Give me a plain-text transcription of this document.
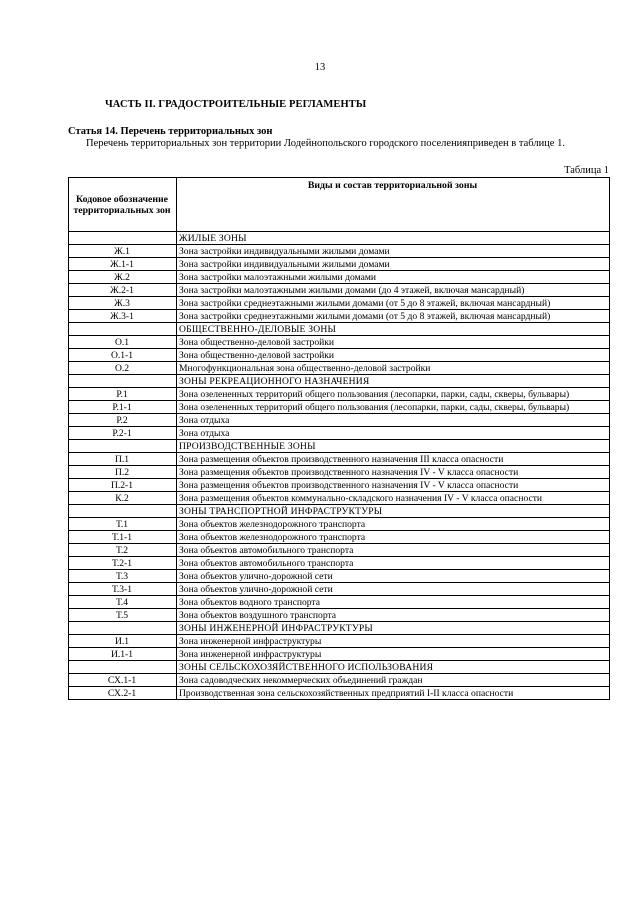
13
ЧАСТЬ II. ГРАДОСТРОИТЕЛЬНЫЕ РЕГЛАМЕНТЫ
Статья 14. Перечень территориальных зон
Перечень территориальных зон территории Лодейнопольского городского поселенияприведен в таблице 1.
Таблица 1
Кодовое обозначение территориальных зон	Виды и состав территориальной зоны
	ЖИЛЫЕ ЗОНЫ
Ж.1	Зона застройки индивидуальными жилыми домами
Ж.1-1	Зона застройки индивидуальными жилыми домами
Ж.2	Зона застройки малоэтажными жилыми домами
Ж.2-1	Зона застройки малоэтажными жилыми домами (до 4 этажей, включая мансардный)
Ж.3	Зона застройки среднеэтажными жилыми домами (от 5 до 8 этажей, включая мансардный)
Ж.3-1	Зона застройки среднеэтажными жилыми домами (от 5 до 8 этажей, включая мансардный)
	ОБЩЕСТВЕННО-ДЕЛОВЫЕ ЗОНЫ
О.1	Зона общественно-деловой застройки
О.1-1	Зона общественно-деловой застройки
О.2	Многофункциональная зона общественно-деловой застройки
	ЗОНЫ РЕКРЕАЦИОННОГО НАЗНАЧЕНИЯ
Р.1	Зона озелененных территорий общего пользования (лесопарки, парки, сады, скверы, бульвары)
Р.1-1	Зона озелененных территорий общего пользования (лесопарки, парки, сады, скверы, бульвары)
Р.2	Зона отдыха
Р.2-1	Зона отдыха
	ПРОИЗВОДСТВЕННЫЕ ЗОНЫ
П.1	Зона размещения объектов производственного назначения III класса опасности
П.2	Зона размещения объектов производственного назначения IV - V класса опасности
П.2-1	Зона размещения объектов производственного назначения IV - V класса опасности
К.2	Зона размещения объектов коммунально-складского назначения IV - V класса опасности
	ЗОНЫ ТРАНСПОРТНОЙ ИНФРАСТРУКТУРЫ
Т.1	Зона объектов железнодорожного транспорта
Т.1-1	Зона объектов железнодорожного транспорта
Т.2	Зона объектов автомобильного транспорта
Т.2-1	Зона объектов автомобильного транспорта
Т.3	Зона объектов улично-дорожной сети
Т.3-1	Зона объектов улично-дорожной сети
Т.4	Зона объектов водного транспорта
Т.5	Зона объектов воздушного транспорта
	ЗОНЫ ИНЖЕНЕРНОЙ ИНФРАСТРУКТУРЫ
И.1	Зона инженерной инфраструктуры
И.1-1	Зона инженерной инфраструктуры
	ЗОНЫ СЕЛЬСКОХОЗЯЙСТВЕННОГО ИСПОЛЬЗОВАНИЯ
СХ.1-1	Зона садоводческих некоммерческих объединений граждан
СХ.2-1	Производственная зона сельскохозяйственных предприятий I-II класса опасности
